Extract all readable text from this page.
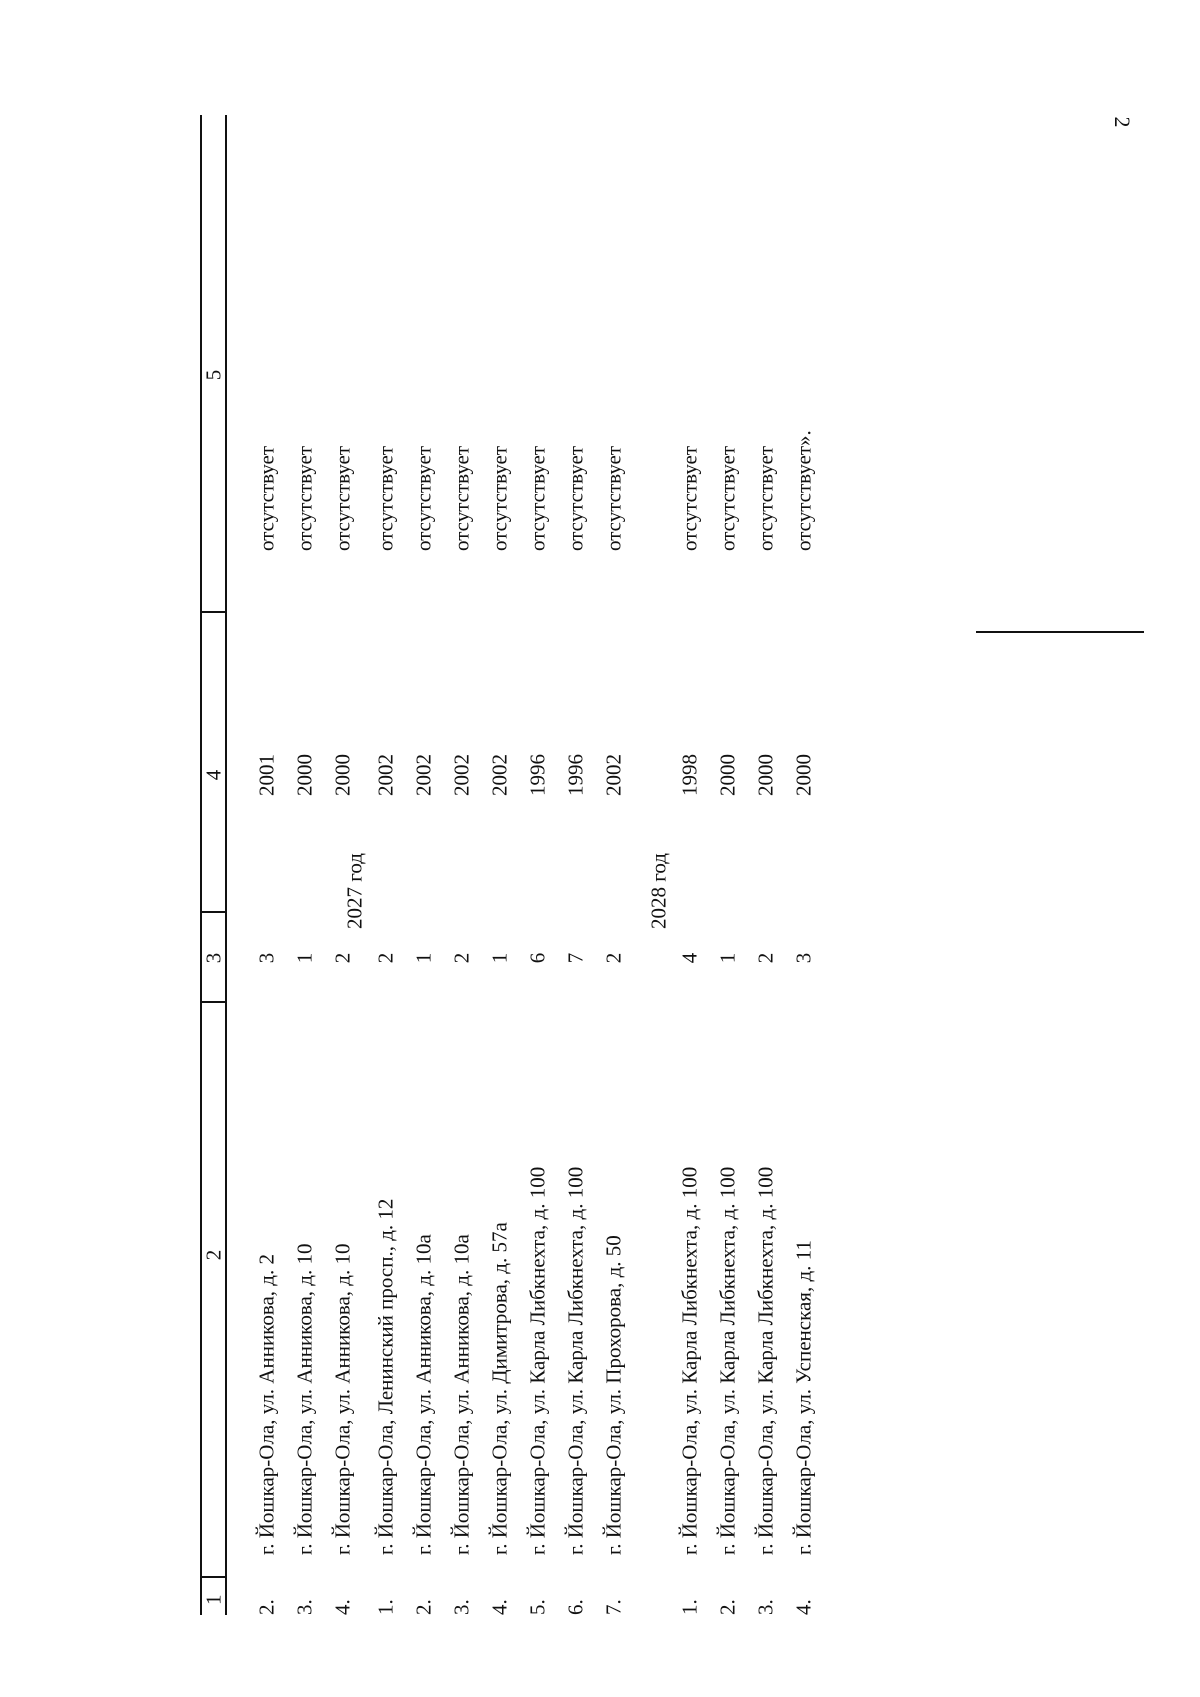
2
1
2
3
4
5
2.
г. Йошкар-Ола, ул. Анникова, д. 2
3
2001
отсутствует
3.
г. Йошкар-Ола, ул. Анникова, д. 10
1
2000
отсутствует
4.
г. Йошкар-Ола, ул. Анникова, д. 10
2
2000
отсутствует
2027 год
1.
г. Йошкар-Ола, Ленинский просп., д. 12
2
2002
отсутствует
2.
г. Йошкар-Ола, ул. Анникова, д. 10а
1
2002
отсутствует
3.
г. Йошкар-Ола, ул. Анникова, д. 10а
2
2002
отсутствует
4.
г. Йошкар-Ола, ул. Димитрова, д. 57а
1
2002
отсутствует
5.
г. Йошкар-Ола, ул. Карла Либкнехта, д. 100
6
1996
отсутствует
6.
г. Йошкар-Ола, ул. Карла Либкнехта, д. 100
7
1996
отсутствует
7.
г. Йошкар-Ола, ул. Прохорова, д. 50
2
2002
отсутствует
2028 год
1.
г. Йошкар-Ола, ул. Карла Либкнехта, д. 100
4
1998
отсутствует
2.
г. Йошкар-Ола, ул. Карла Либкнехта, д. 100
1
2000
отсутствует
3.
г. Йошкар-Ола, ул. Карла Либкнехта, д. 100
2
2000
отсутствует
4.
г. Йошкар-Ола, ул. Успенская, д. 11
3
2000
отсутствует».
